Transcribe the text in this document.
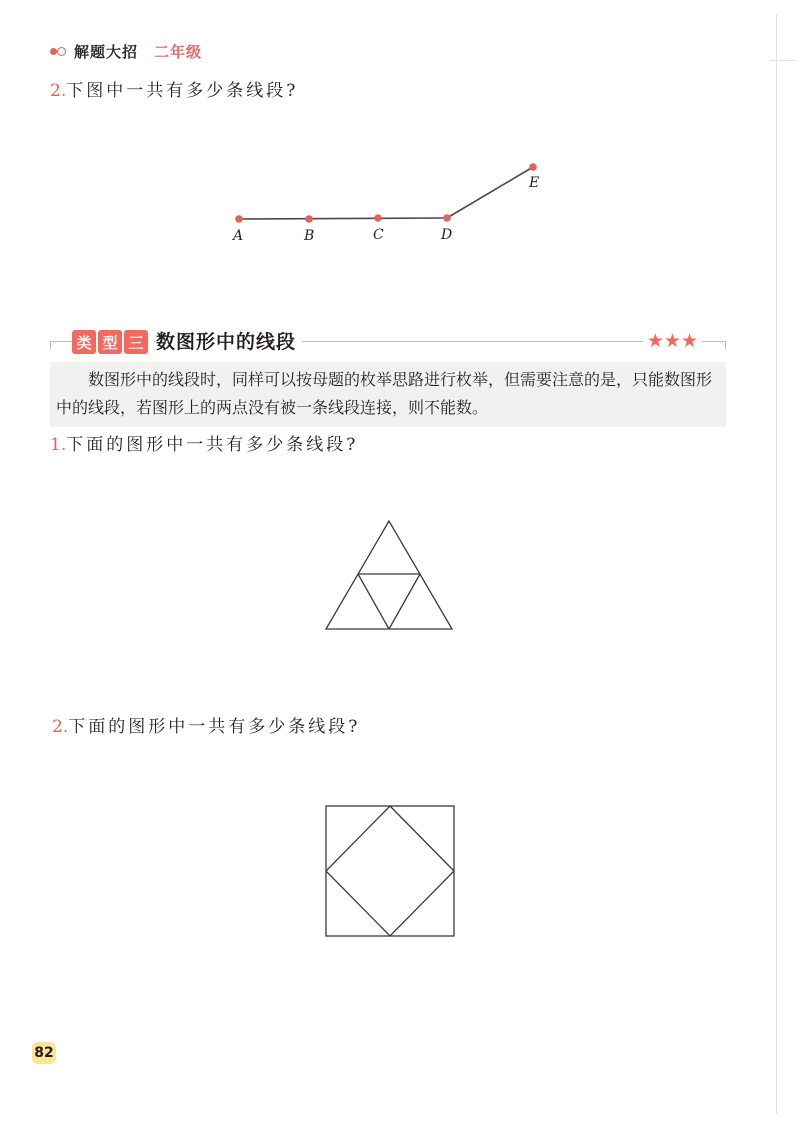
解题大招 二年级
2.下图中一共有多少条线段?
A	B	C	D
E
类 型 三 数图形中的线段	★★★

数图形中的线段时，同样可以按母题的枚举思路进行枚举，但需要注意的是，只能数图形中的线段，若图形上的两点没有被一条线段连接，则不能数。

1.下面的图形中一共有多少条线段?
2.下面的图形中一共有多少条线段?
82
